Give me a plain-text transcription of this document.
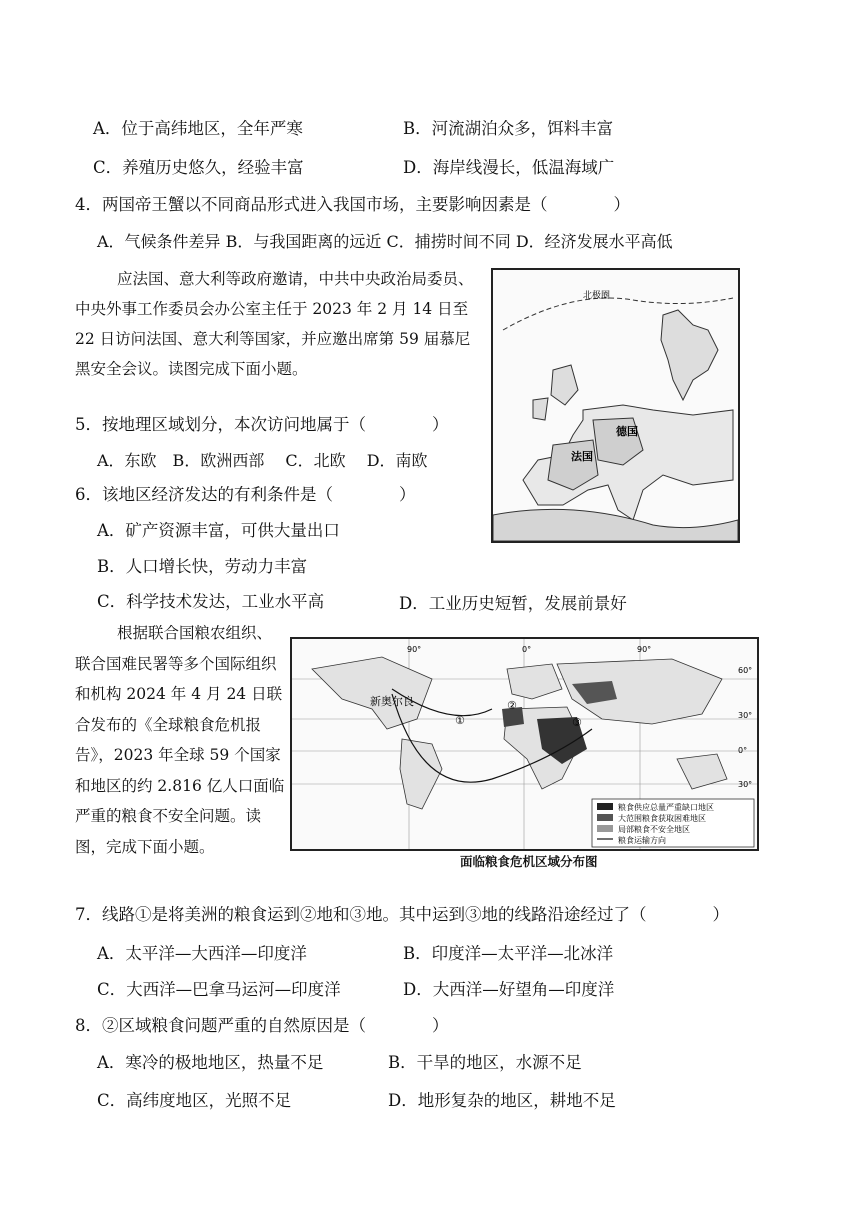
A．位于高纬地区，全年严寒	B．河流湖泊众多，饵料丰富
C．养殖历史悠久，经验丰富	D．海岸线漫长，低温海域广
4．两国帝王蟹以不同商品形式进入我国市场，主要影响因素是（　　　　）
A．气候条件差异 B．与我国距离的远近 C．捕捞时间不同 D．经济发展水平高低
应法国、意大利等政府邀请，中共中央政治局委员、中央外事工作委员会办公室主任于 2023 年 2 月 14 日至 22 日访问法国、意大利等国家，并应邀出席第 59 届慕尼黑安全会议。读图完成下面小题。
北极圈
德国
法国
5．按地理区域划分，本次访问地属于（　　　　）
A．东欧　B．欧洲西部　 C．北欧　 D．南欧
6．该地区经济发达的有利条件是（　　　　）
A．矿产资源丰富，可供大量出口
B．人口增长快，劳动力丰富
C．科学技术发达，工业水平高	D．工业历史短暂，发展前景好
根据联合国粮农组织、联合国难民署等多个国际组织和机构 2024 年 4 月 24 日联合发布的《全球粮食危机报告》，2023 年全球 59 个国家和地区的约 2.816 亿人口面临严重的粮食不安全问题。读图，完成下面小题。
90°	0°	90°
60°
30°
0°
30°
新奥尔良
①
②
③
粮食供应总量严重缺口地区
大范围粮食获取困难地区
局部粮食不安全地区
粮食运输方向
面临粮食危机区域分布图
7．线路①是将美洲的粮食运到②地和③地。其中运到③地的线路沿途经过了（　　　　）
A．太平洋—大西洋—印度洋	B．印度洋—太平洋—北冰洋
C．大西洋—巴拿马运河—印度洋	D．大西洋—好望角—印度洋
8．②区域粮食问题严重的自然原因是（　　　　）
A．寒冷的极地地区，热量不足	B．干旱的地区，水源不足
C．高纬度地区，光照不足	D．地形复杂的地区，耕地不足
